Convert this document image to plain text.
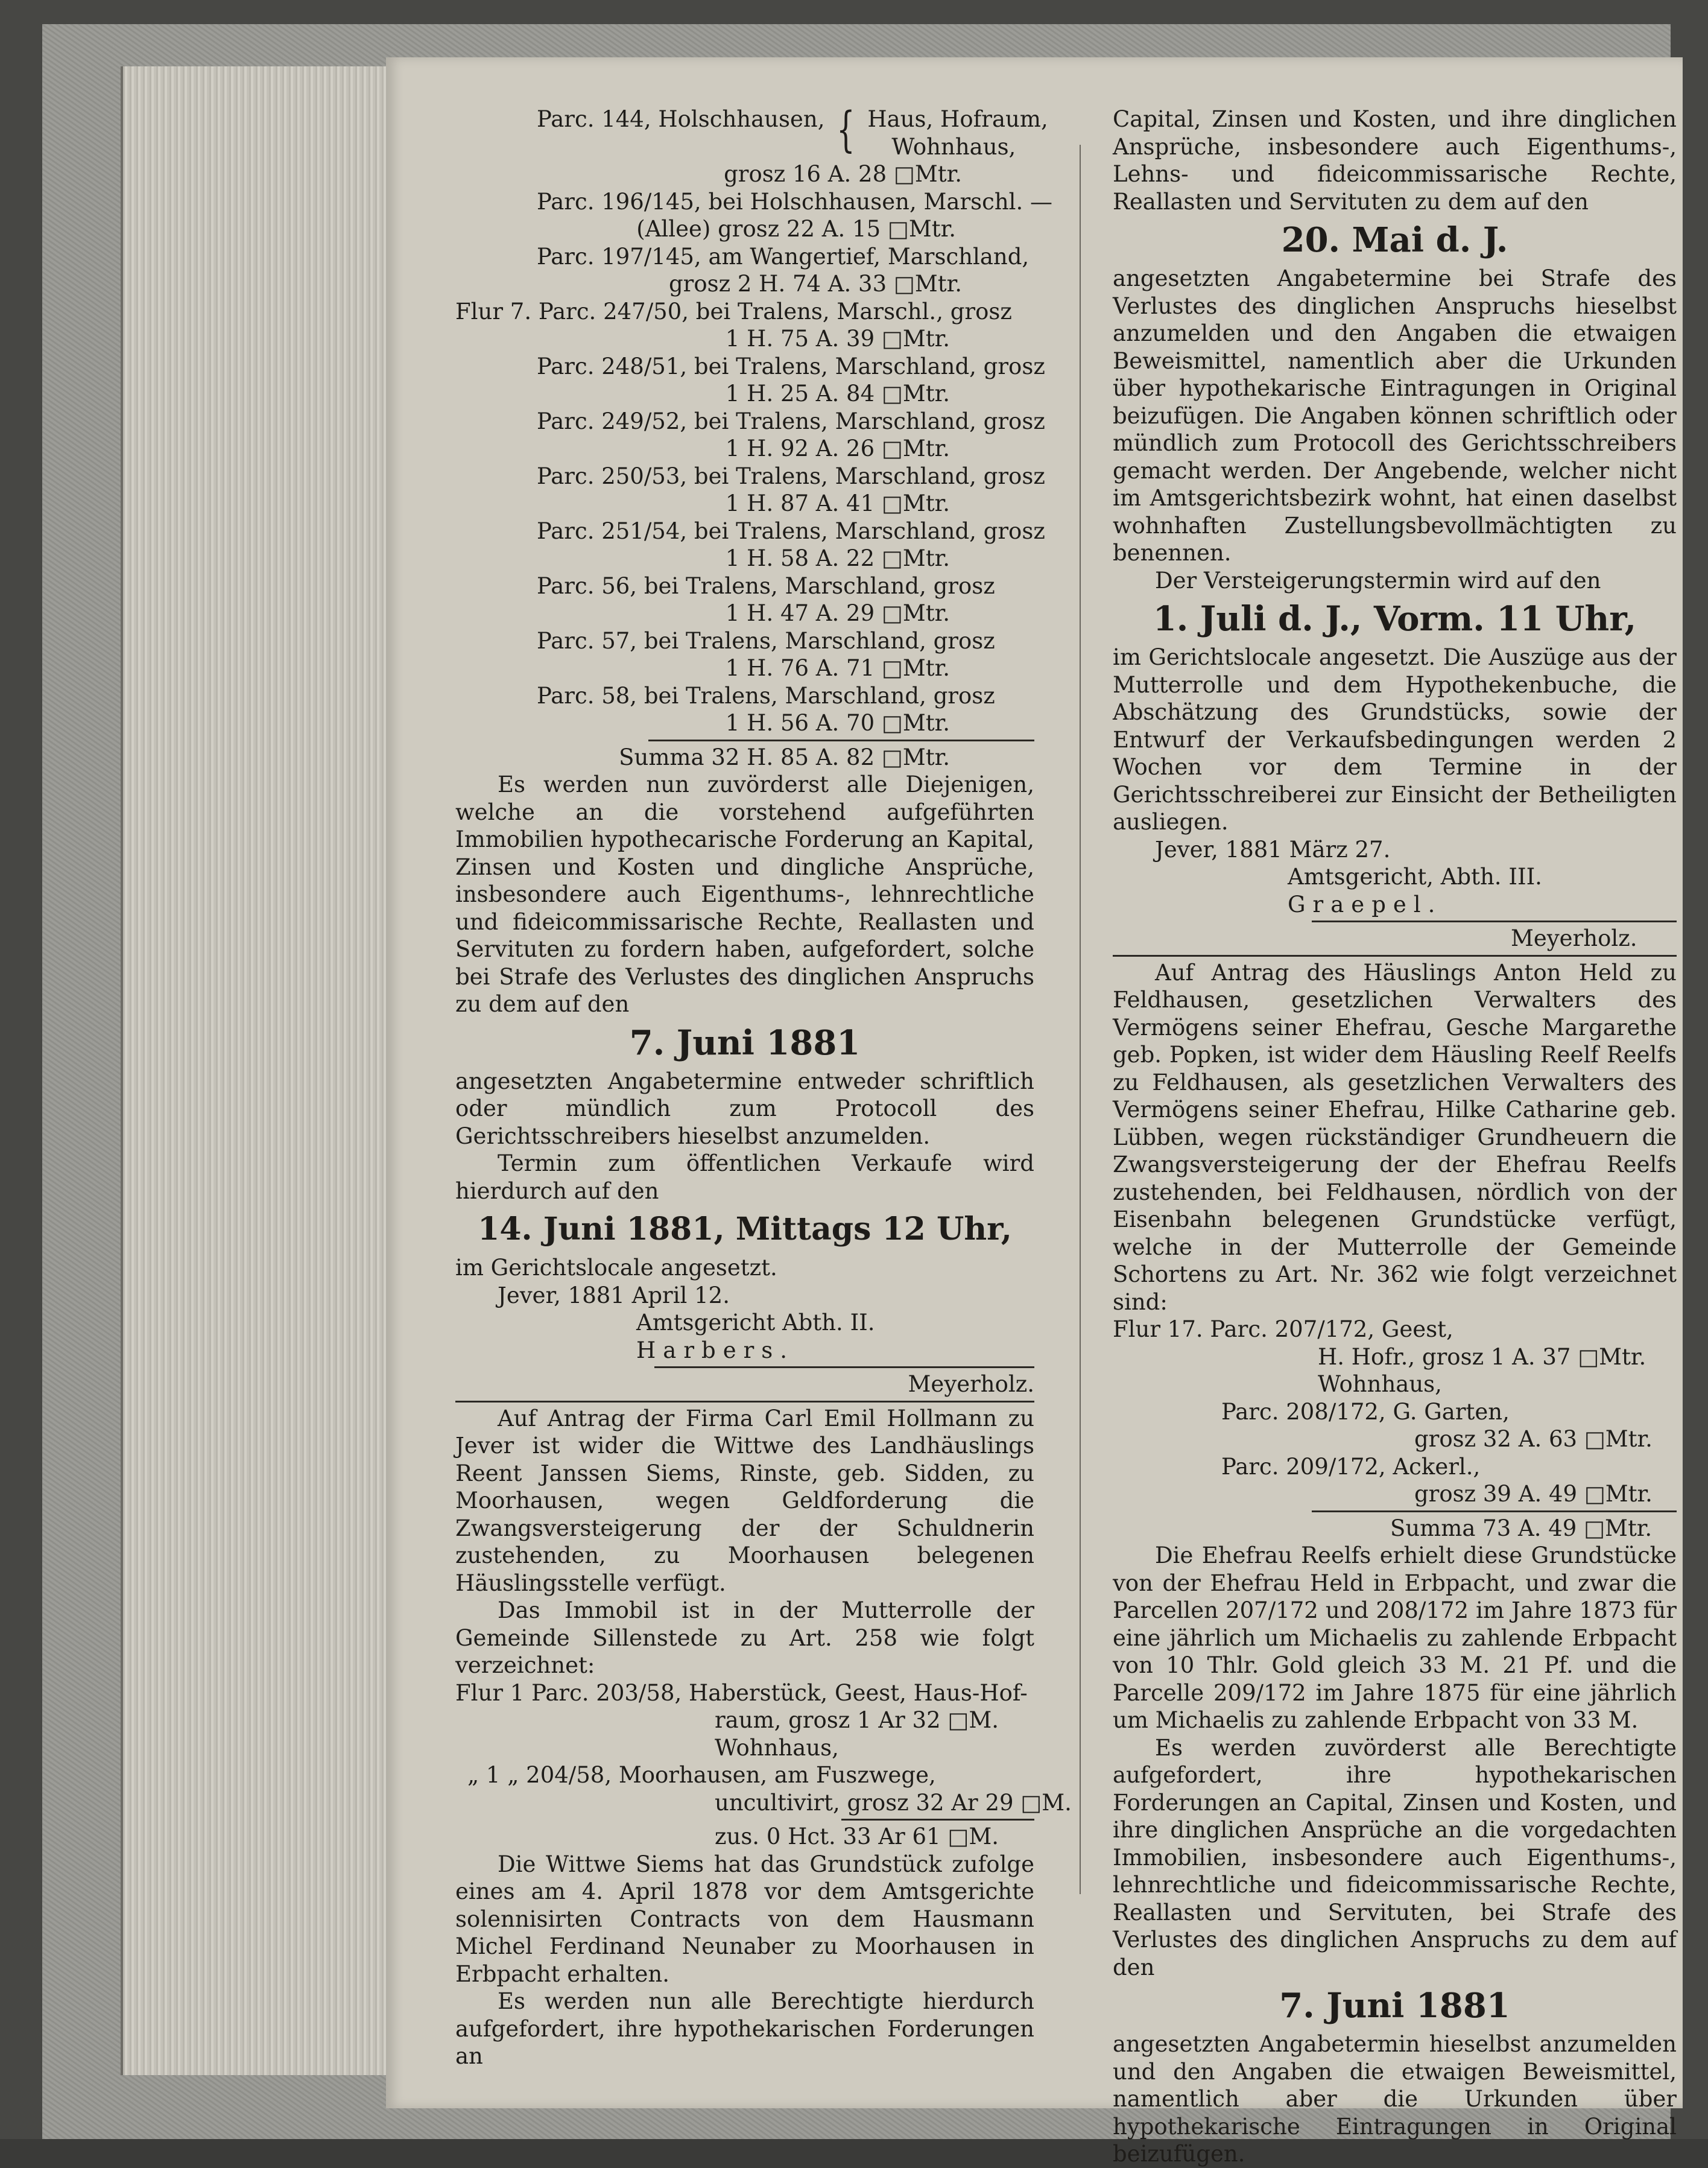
Parc. 144, Holschhausen, { Haus, Hofraum,
Wohnhaus,
grosz 16 A. 28 □Mtr.
Parc. 196/145, bei Holschhausen, Marschl. —
(Allee) grosz 22 A. 15 □Mtr.
Parc. 197/145, am Wangertief, Marschland,
grosz 2 H. 74 A. 33 □Mtr.
Flur 7. Parc. 247/50, bei Tralens, Marschl., grosz
1 H. 75 A. 39 □Mtr.
Parc. 248/51, bei Tralens, Marschland, grosz
1 H. 25 A. 84 □Mtr.
Parc. 249/52, bei Tralens, Marschland, grosz
1 H. 92 A. 26 □Mtr.
Parc. 250/53, bei Tralens, Marschland, grosz
1 H. 87 A. 41 □Mtr.
Parc. 251/54, bei Tralens, Marschland, grosz
1 H. 58 A. 22 □Mtr.
Parc. 56, bei Tralens, Marschland, grosz
1 H. 47 A. 29 □Mtr.
Parc. 57, bei Tralens, Marschland, grosz
1 H. 76 A. 71 □Mtr.
Parc. 58, bei Tralens, Marschland, grosz
1 H. 56 A. 70 □Mtr.
Summa 32 H. 85 A. 82 □Mtr.

Es werden nun zuvörderst alle Diejenigen, welche an die vorstehend aufgeführten Immobilien hypothecarische Forderung an Kapital, Zinsen und Kosten und dingliche Ansprüche, insbesondere auch Eigenthums-, lehnrechtliche und fideicommissarische Rechte, Reallasten und Servituten zu fordern haben, aufgefordert, solche bei Strafe des Verlustes des dinglichen Anspruchs zu dem auf den

7. Juni 1881

angesetzten Angabetermine entweder schriftlich oder mündlich zum Protocoll des Gerichtsschreibers hieselbst anzumelden.

Termin zum öffentlichen Verkaufe wird hierdurch auf den

14. Juni 1881, Mittags 12 Uhr,
im Gerichtslocale angesetzt.
Jever, 1881 April 12.
Amtsgericht Abth. II.
Harbers.
Meyerholz.

Auf Antrag der Firma Carl Emil Hollmann zu Jever ist wider die Wittwe des Landhäuslings Reent Janssen Siems, Rinste, geb. Sidden, zu Moorhausen, wegen Geldforderung die Zwangsversteigerung der der Schuldnerin zustehenden, zu Moorhausen belegenen Häuslingsstelle verfügt.

Das Immobil ist in der Mutterrolle der Gemeinde Sillenstede zu Art. 258 wie folgt verzeichnet:

Flur 1 Parc. 203/58, Haberstück, Geest, Haus-Hof-
raum, grosz 1 Ar 32 □M.
Wohnhaus,
„ 1 „ 204/58, Moorhausen, am Fuszwege,
uncultivirt, grosz 32 Ar 29 □M.
zus. 0 Hct. 33 Ar 61 □M.

Die Wittwe Siems hat das Grundstück zufolge eines am 4. April 1878 vor dem Amtsgerichte solennisirten Contracts von dem Hausmann Michel Ferdinand Neunaber zu Moorhausen in Erbpacht erhalten.

Es werden nun alle Berechtigte hierdurch aufgefordert, ihre hypothekarischen Forderungen an

Capital, Zinsen und Kosten, und ihre dinglichen Ansprüche, insbesondere auch Eigenthums-, Lehns- und fideicommissarische Rechte, Reallasten und Servituten zu dem auf den

20. Mai d. J.

angesetzten Angabetermine bei Strafe des Verlustes des dinglichen Anspruchs hieselbst anzumelden und den Angaben die etwaigen Beweismittel, namentlich aber die Urkunden über hypothekarische Eintragungen in Original beizufügen. Die Angaben können schriftlich oder mündlich zum Protocoll des Gerichtsschreibers gemacht werden. Der Angebende, welcher nicht im Amtsgerichtsbezirk wohnt, hat einen daselbst wohnhaften Zustellungsbevollmächtigten zu benennen.

Der Versteigerungstermin wird auf den

1. Juli d. J., Vorm. 11 Uhr,

im Gerichtslocale angesetzt. Die Auszüge aus der Mutterrolle und dem Hypothekenbuche, die Abschätzung des Grundstücks, sowie der Entwurf der Verkaufsbedingungen werden 2 Wochen vor dem Termine in der Gerichtsschreiberei zur Einsicht der Betheiligten ausliegen.

Jever, 1881 März 27.
Amtsgericht, Abth. III.
Graepel.
Meyerholz.

Auf Antrag des Häuslings Anton Held zu Feldhausen, gesetzlichen Verwalters des Vermögens seiner Ehefrau, Gesche Margarethe geb. Popken, ist wider dem Häusling Reelf Reelfs zu Feldhausen, als gesetzlichen Verwalters des Vermögens seiner Ehefrau, Hilke Catharine geb. Lübben, wegen rückständiger Grundheuern die Zwangsversteigerung der der Ehefrau Reelfs zustehenden, bei Feldhausen, nördlich von der Eisenbahn belegenen Grundstücke verfügt, welche in der Mutterrolle der Gemeinde Schortens zu Art. Nr. 362 wie folgt verzeichnet sind:

Flur 17. Parc. 207/172, Geest,
H. Hofr., grosz 1 A. 37 □Mtr.
Wohnhaus,
Parc. 208/172, G. Garten,
grosz 32 A. 63 □Mtr.
Parc. 209/172, Ackerl.,
grosz 39 A. 49 □Mtr.
Summa 73 A. 49 □Mtr.

Die Ehefrau Reelfs erhielt diese Grundstücke von der Ehefrau Held in Erbpacht, und zwar die Parcellen 207/172 und 208/172 im Jahre 1873 für eine jährlich um Michaelis zu zahlende Erbpacht von 10 Thlr. Gold gleich 33 M. 21 Pf. und die Parcelle 209/172 im Jahre 1875 für eine jährlich um Michaelis zu zahlende Erbpacht von 33 M.

Es werden zuvörderst alle Berechtigte aufgefordert, ihre hypothekarischen Forderungen an Capital, Zinsen und Kosten, und ihre dinglichen Ansprüche an die vorgedachten Immobilien, insbesondere auch Eigenthums-, lehnrechtliche und fideicommissarische Rechte, Reallasten und Servituten, bei Strafe des Verlustes des dinglichen Anspruchs zu dem auf den

7. Juni 1881

angesetzten Angabetermin hieselbst anzumelden und den Angaben die etwaigen Beweismittel, namentlich aber die Urkunden über hypothekarische Eintragungen in Original beizufügen.
